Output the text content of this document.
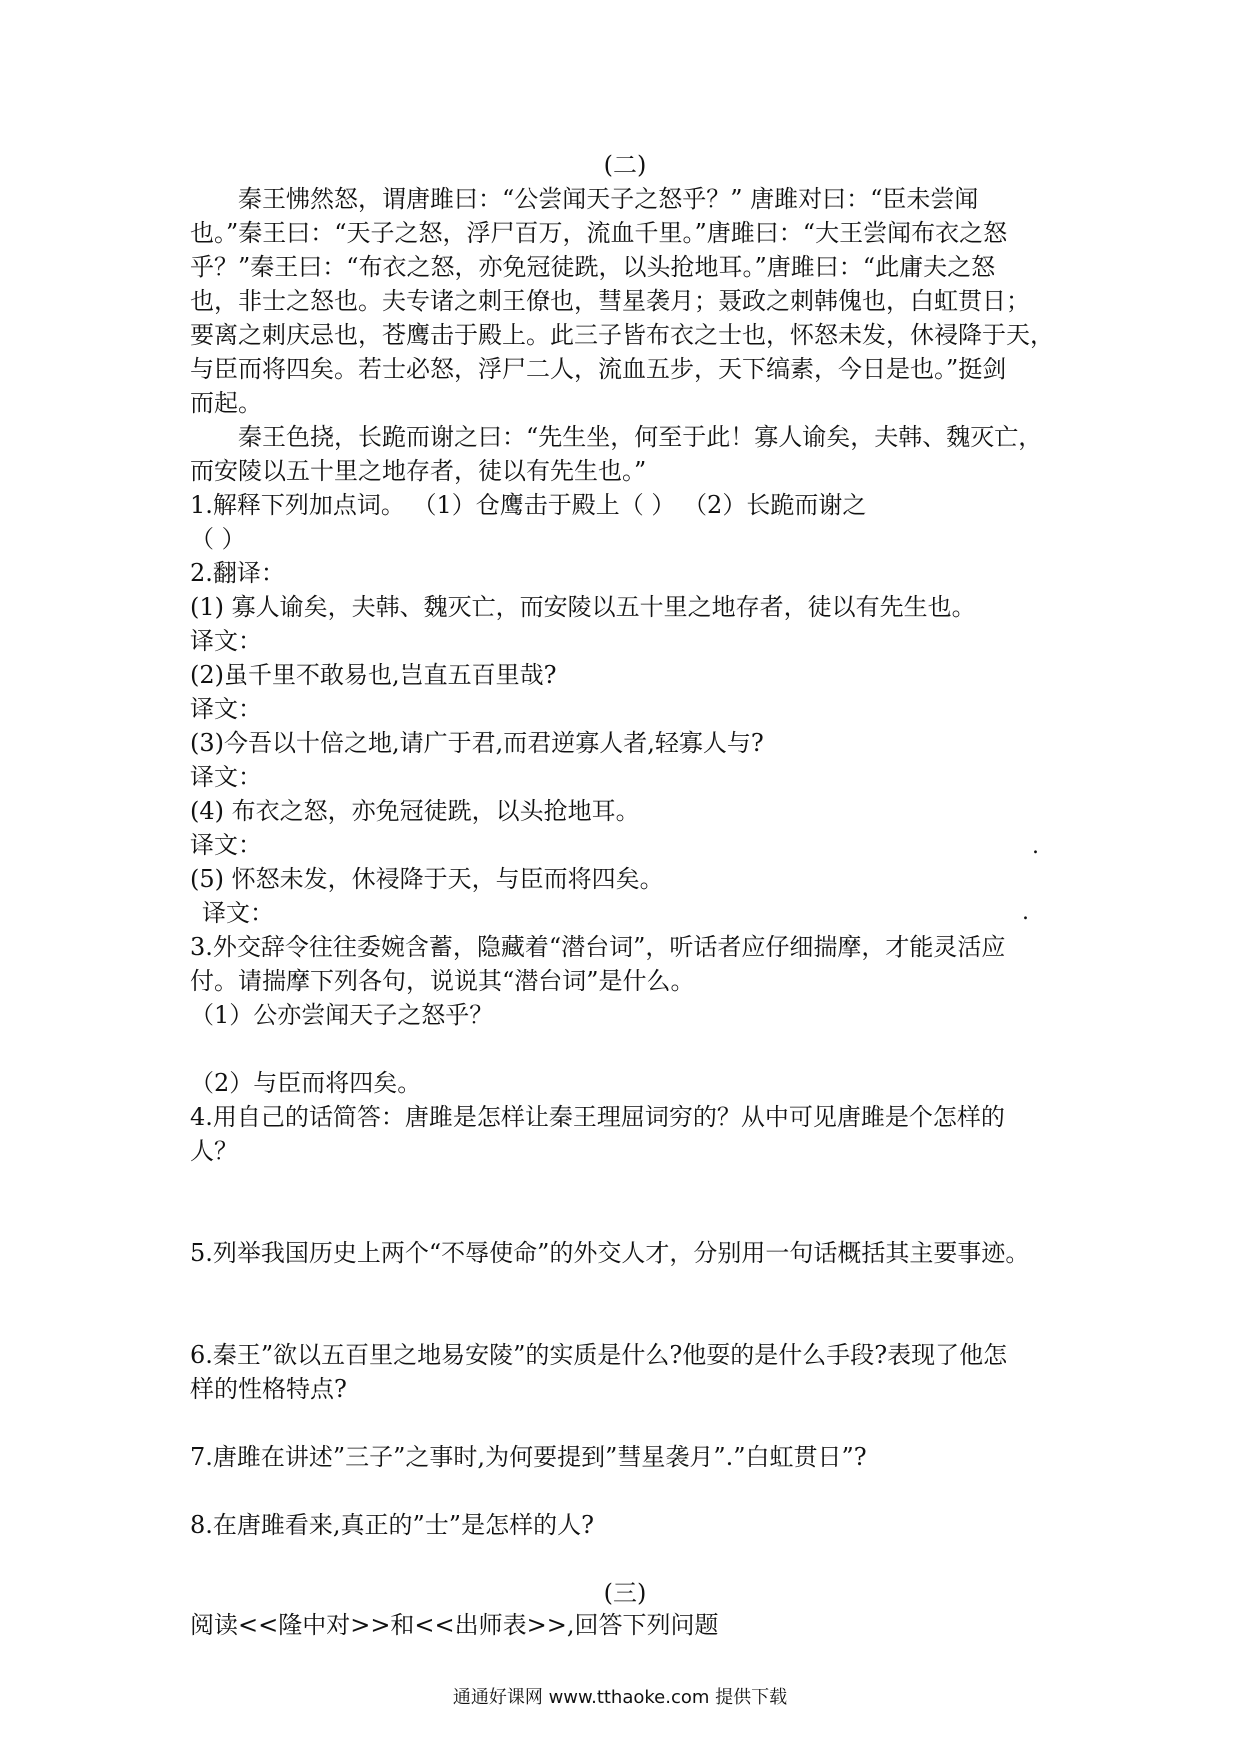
(二)
秦王怫然怒，谓唐雎曰：“公尝闻天子之怒乎？” 唐雎对曰：“臣未尝闻
也。”秦王曰：“天子之怒，浮尸百万，流血千里。”唐雎曰：“大王尝闻布衣之怒
乎？”秦王曰：“布衣之怒，亦免冠徒跣，以头抢地耳。”唐雎曰：“此庸夫之怒
也，非士之怒也。夫专诸之刺王僚也，彗星袭月；聂政之刺韩傀也，白虹贯日；
要离之刺庆忌也，苍鹰击于殿上。此三子皆布衣之士也，怀怒未发，休祲降于天，
与臣而将四矣。若士必怒，浮尸二人，流血五步，天下缟素，今日是也。”挺剑
而起。
秦王色挠，长跪而谢之曰：“先生坐，何至于此！寡人谕矣，夫韩、魏灭亡，
而安陵以五十里之地存者，徒以有先生也。”
1.解释下列加点词。 （1）仓鹰击于殿上（ ） （2）长跪而谢之
（ ）
2.翻译：
(1) 寡人谕矣，夫韩、魏灭亡，而安陵以五十里之地存者，徒以有先生也。
译文：
(2)虽千里不敢易也,岂直五百里哉?
译文：
(3)今吾以十倍之地,请广于君,而君逆寡人者,轻寡人与?
译文：
(4) 布衣之怒，亦免冠徒跣，以头抢地耳。
译文：	.
(5) 怀怒未发，休祲降于天，与臣而将四矣。
译文：	.
3.外交辞令往往委婉含蓄，隐藏着“潜台词”，听话者应仔细揣摩，才能灵活应
付。请揣摩下列各句，说说其“潜台词”是什么。
（1）公亦尝闻天子之怒乎？
（2）与臣而将四矣。
4.用自己的话简答：唐雎是怎样让秦王理屈词穷的？从中可见唐雎是个怎样的
人？
5.列举我国历史上两个“不辱使命”的外交人才，分别用一句话概括其主要事迹。
6.秦王”欲以五百里之地易安陵”的实质是什么?他耍的是什么手段?表现了他怎
样的性格特点?
7.唐雎在讲述”三子”之事时,为何要提到”彗星袭月”.”白虹贯日”?
8.在唐雎看来,真正的”士”是怎样的人?
(三)
阅读<<隆中对>>和<<出师表>>,回答下列问题
通通好课网 www.tthaoke.com 提供下载
